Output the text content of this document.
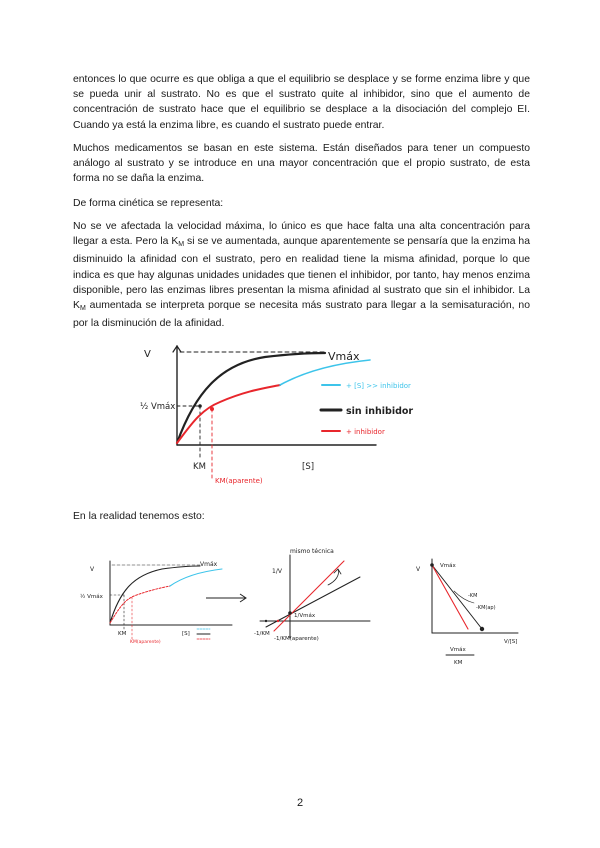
entonces lo que ocurre es que obliga a que el equilibrio se desplace y se forme enzima libre y que se pueda unir al sustrato. No es que el sustrato quite al inhibidor, sino que el aumento de concentración de sustrato hace que el equilibrio se desplace a la disociación del complejo EI. Cuando ya está la enzima libre, es cuando el sustrato puede entrar.

Muchos medicamentos se basan en este sistema. Están diseñados para tener un compuesto análogo al sustrato y se introduce en una mayor concentración que el propio sustrato, de esta forma no se daña la enzima.

De forma cinética se representa:

No se ve afectada la velocidad máxima, lo único es que hace falta una alta concentración para llegar a esta. Pero la $K_M$ si se ve aumentada, aunque aparentemente se pensaría que la enzima ha disminuido la afinidad con el sustrato, pero en realidad tiene la misma afinidad, porque lo que indica es que hay algunas unidades unidades que tienen el inhibidor, por tanto, hay menos enzima disponible, pero las enzimas libres presentan la misma afinidad al sustrato que sin el inhibidor. La $K_M$ aumentada se interpreta porque se necesita más sustrato para llegar a la semisaturación, no por la disminución de la afinidad.

V	Vmáx
½ Vmáx
KM
KM(aparente)
[S]
+ [S] >> inhibidor
sin inhibidor
+ inhibidor

En la realidad tenemos esto:

V
Vmáx
½ Vmáx
KM
KM(aparente)
[S]
mismo técnica
1/V
1/Vmáx
-1/KM
-1/KM(aparente)
V	Vmáx
-KM
-KM(ap)
V/[S]
Vmáx
KM
2
